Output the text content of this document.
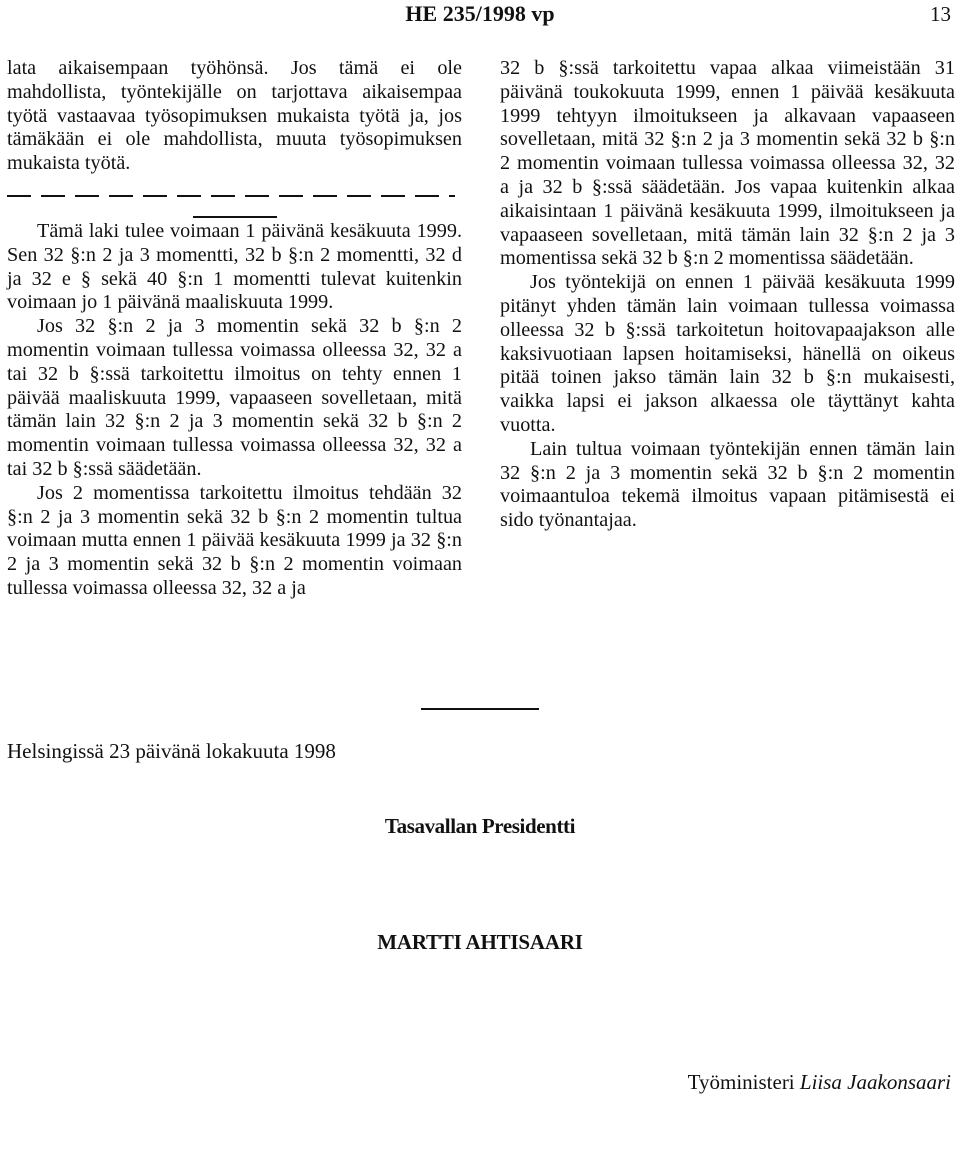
HE 235/1998 vp	13

lata aikaisempaan työhönsä. Jos tämä ei ole mahdollista, työntekijälle on tarjottava aikaisempaa työtä vastaavaa työsopimuksen mukaista työtä ja, jos tämäkään ei ole mahdollista, muuta työsopimuksen mukaista työtä.

Tämä laki tulee voimaan 1 päivänä kesäkuuta 1999. Sen 32 §:n 2 ja 3 momentti, 32 b §:n 2 momentti, 32 d ja 32 e § sekä 40 §:n 1 momentti tulevat kuitenkin voimaan jo 1 päivänä maaliskuuta 1999.

Jos 32 §:n 2 ja 3 momentin sekä 32 b §:n 2 momentin voimaan tullessa voimassa olleessa 32, 32 a tai 32 b §:ssä tarkoitettu ilmoitus on tehty ennen 1 päivää maaliskuuta 1999, vapaaseen sovelletaan, mitä tämän lain 32 §:n 2 ja 3 momentin sekä 32 b §:n 2 momentin voimaan tullessa voimassa olleessa 32, 32 a tai 32 b §:ssä säädetään.

Jos 2 momentissa tarkoitettu ilmoitus tehdään 32 §:n 2 ja 3 momentin sekä 32 b §:n 2 momentin tultua voimaan mutta ennen 1 päivää kesäkuuta 1999 ja 32 §:n 2 ja 3 momentin sekä 32 b §:n 2 momentin voimaan tullessa voimassa olleessa 32, 32 a ja

32 b §:ssä tarkoitettu vapaa alkaa viimeistään 31 päivänä toukokuuta 1999, ennen 1 päivää kesäkuuta 1999 tehtyyn ilmoitukseen ja alkavaan vapaaseen sovelletaan, mitä 32 §:n 2 ja 3 momentin sekä 32 b §:n 2 momentin voimaan tullessa voimassa olleessa 32, 32 a ja 32 b §:ssä säädetään. Jos vapaa kuitenkin alkaa aikaisintaan 1 päivänä kesäkuuta 1999, ilmoitukseen ja vapaaseen sovelletaan, mitä tämän lain 32 §:n 2 ja 3 momentissa sekä 32 b §:n 2 momentissa säädetään.

Jos työntekijä on ennen 1 päivää kesäkuuta 1999 pitänyt yhden tämän lain voimaan tullessa voimassa olleessa 32 b §:ssä tarkoitetun hoitovapaajakson alle kaksivuotiaan lapsen hoitamiseksi, hänellä on oikeus pitää toinen jakso tämän lain 32 b §:n mukaisesti, vaikka lapsi ei jakson alkaessa ole täyttänyt kahta vuotta.

Lain tultua voimaan työntekijän ennen tämän lain 32 §:n 2 ja 3 momentin sekä 32 b §:n 2 momentin voimaantuloa tekemä ilmoitus vapaan pitämisestä ei sido työnantajaa.

Helsingissä 23 päivänä lokakuuta 1998
Tasavallan Presidentti
MARTTI AHTISAARI
Työministeri Liisa Jaakonsaari
